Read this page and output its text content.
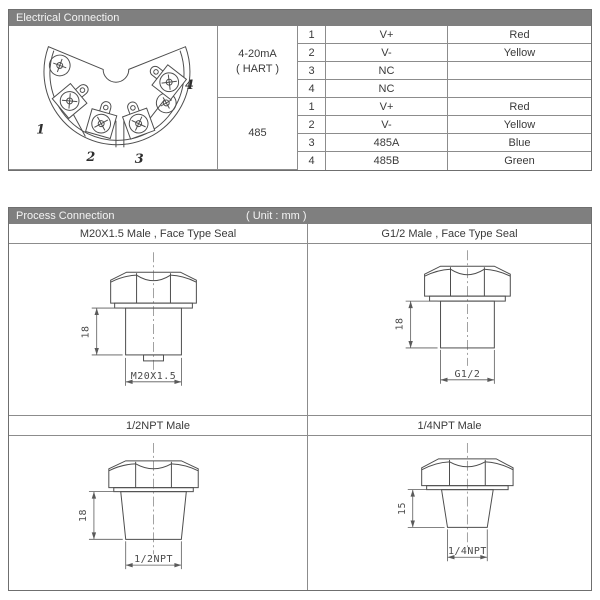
Electrical Connection
1
2	3
4
4-20mA
( HART )
485
1	V+	Red
2	V-	Yellow
3	NC
4	NC
1	V+	Red
2	V-	Yellow
3	485A	Blue
4	485B	Green
Process Connection	( Unit : mm )
M20X1.5 Male , Face Type Seal	G1/2 Male , Face Type Seal
18
M20X1.5
18
G1/2
1/2NPT Male	1/4NPT Male
18
1/2NPT
15
1/4NPT
